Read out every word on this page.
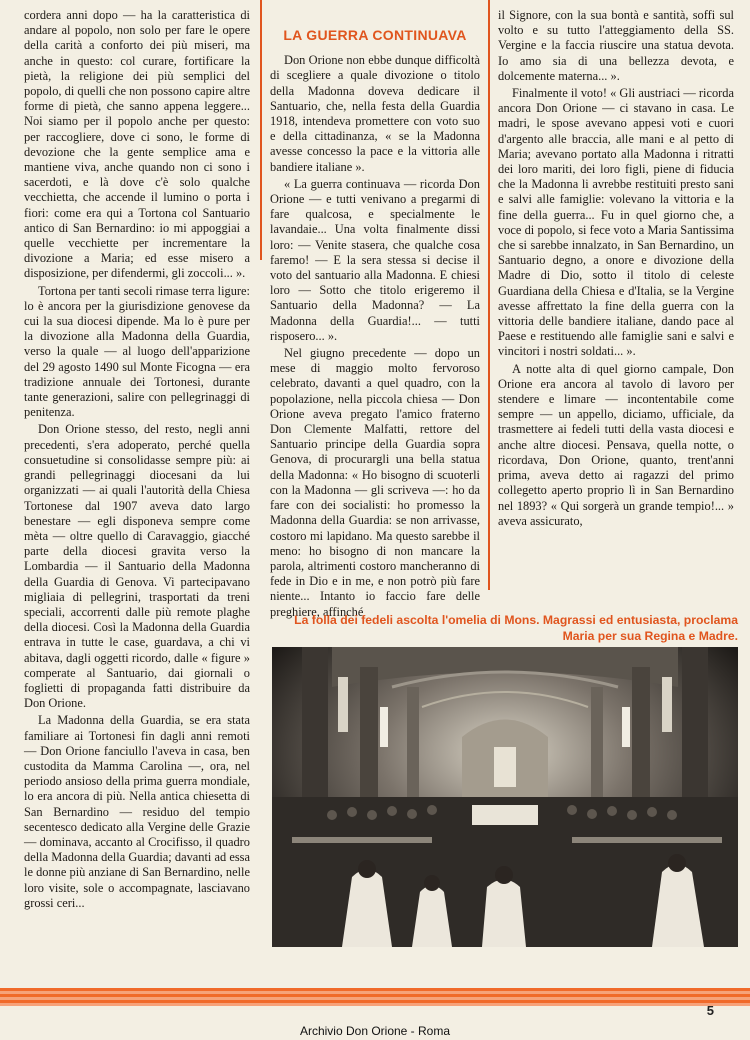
cordera anni dopo — ha la caratteristica di andare al popolo, non solo per fare le opere della carità a conforto dei più miseri, ma anche in questo: col curare, fortificare la pietà, la religione dei più semplici del popolo, di quelli che non possono capire altre forme di pietà, che sanno appena leggere... Noi siamo per il popolo anche per questo: per raccogliere, dove ci sono, le forme di devozione che la gente semplice ama e mantiene viva, anche quando non ci sono i sacerdoti, e là dove c'è solo qualche vecchietta, che accende il lumino o porta i fiori: come era qui a Tortona col Santuario antico di San Bernardino: io mi appoggiai a quelle vecchiette per incrementare la divozione a Maria; ed esse misero a disposizione, per difendermi, gli zoccoli... ».

Tortona per tanti secoli rimase terra ligure: lo è ancora per la giurisdizione genovese da cui la sua diocesi dipende. Ma lo è pure per la divozione alla Madonna della Guardia, verso la quale — al luogo dell'apparizione del 29 agosto 1490 sul Monte Ficogna — era tradizione annuale dei Tortonesi, durante tante generazioni, salire con pellegrinaggi di penitenza.

Don Orione stesso, del resto, negli anni precedenti, s'era adoperato, perché quella consuetudine si consolidasse sempre più: ai grandi pellegrinaggi diocesani da lui organizzati — ai quali l'autorità della Chiesa Tortonese dal 1907 aveva dato largo benestare — egli disponeva sempre come mèta — oltre quello di Caravaggio, giacché parte della diocesi gravita verso la Lombardia — il Santuario della Madonna della Guardia di Genova. Vi partecipavano migliaia di pellegrini, trasportati da treni speciali, accorrenti dalle più remote plaghe della diocesi. Così la Madonna della Guardia entrava in tutte le case, guardava, a chi vi abitava, dagli oggetti ricordo, dalle « figure » comperate al Santuario, dai giornali o foglietti di propaganda fatti distribuire da Don Orione.

La Madonna della Guardia, se era stata familiare ai Tortonesi fin dagli anni remoti — Don Orione fanciullo l'aveva in casa, ben custodita da Mamma Carolina —, ora, nel periodo ansioso della prima guerra mondiale, lo era ancora di più. Nella antica chiesetta di San Bernardino — residuo del tempio secentesco dedicato alla Vergine delle Grazie — dominava, accanto al Crocifisso, il quadro della Madonna della Guardia; davanti ad essa le donne più anziane di San Bernardino, nelle loro visite, sole o accompagnate, lasciavano grossi ceri...

LA GUERRA CONTINUAVA

Don Orione non ebbe dunque difficoltà di scegliere a quale divozione o titolo della Madonna doveva dedicare il Santuario, che, nella festa della Guardia 1918, intendeva promettere con voto suo e della cittadinanza, « se la Madonna avesse concesso la pace e la vittoria alle bandiere italiane ».

« La guerra continuava — ricorda Don Orione — e tutti venivano a pregarmi di fare qualcosa, e specialmente le lavandaie... Una volta finalmente dissi loro: — Venite stasera, che qualche cosa faremo! — E la sera stessa si decise il voto del santuario alla Madonna. E chiesi loro — Sotto che titolo erigeremo il Santuario della Madonna? — La Madonna della Guardia!... — tutti risposero... ».

Nel giugno precedente — dopo un mese di maggio molto fervoroso celebrato, davanti a quel quadro, con la popolazione, nella piccola chiesa — Don Orione aveva pregato l'amico fraterno Don Clemente Malfatti, rettore del Santuario principe della Guardia sopra Genova, di procurargli una bella statua della Madonna: « Ho bisogno di scuoterli con la Madonna — gli scriveva —: ho da fare con dei socialisti: ho promesso la Madonna della Guardia: se non arrivasse, costoro mi lapidano. Ma questo sarebbe il meno: ho bisogno di non mancare la parola, altrimenti costoro mancheranno di fede in Dio e in me, e non potrò più fare niente... Intanto io faccio fare delle preghiere, affinché

il Signore, con la sua bontà e santità, soffi sul volto e su tutto l'atteggiamento della SS. Vergine e la faccia riuscire una statua devota. Io amo sia di una bellezza devota, e dolcemente materna... ».

Finalmente il voto! « Gli austriaci — ricorda ancora Don Orione — ci stavano in casa. Le madri, le spose avevano appesi voti e cuori d'argento alle braccia, alle mani e al petto di Maria; avevano portato alla Madonna i ritratti dei loro mariti, dei loro figli, piene di fiducia che la Madonna li avrebbe restituiti presto sani e salvi alle famiglie: volevano la vittoria e la fine della guerra... Fu in quel giorno che, a voce di popolo, si fece voto a Maria Santissima che si sarebbe innalzato, in San Bernardino, un Santuario degno, a onore e divozione della Madre di Dio, sotto il titolo di celeste Guardiana della Chiesa e d'Italia, se la Vergine avesse affrettato la fine della guerra con la vittoria delle bandiere italiane, dando pace al Paese e restituendo alle famiglie sani e salvi e vincitori i nostri soldati... ».

A notte alta di quel giorno campale, Don Orione era ancora al tavolo di lavoro per stendere e limare — incontentabile come sempre — un appello, diciamo, ufficiale, da trasmettere ai fedeli tutti della vasta diocesi e anche altre diocesi. Pensava, quella notte, o ricordava, Don Orione, quanto, trent'anni prima, aveva detto ai ragazzi del primo collegetto aperto proprio lì in San Bernardino nel 1893? « Qui sorgerà un grande tempio!... » aveva assicurato,

La folla dei fedeli ascolta l'omelia di Mons. Magrassi ed entusiasta, proclama Maria per sua Regina e Madre.
5
Archivio Don Orione - Roma
